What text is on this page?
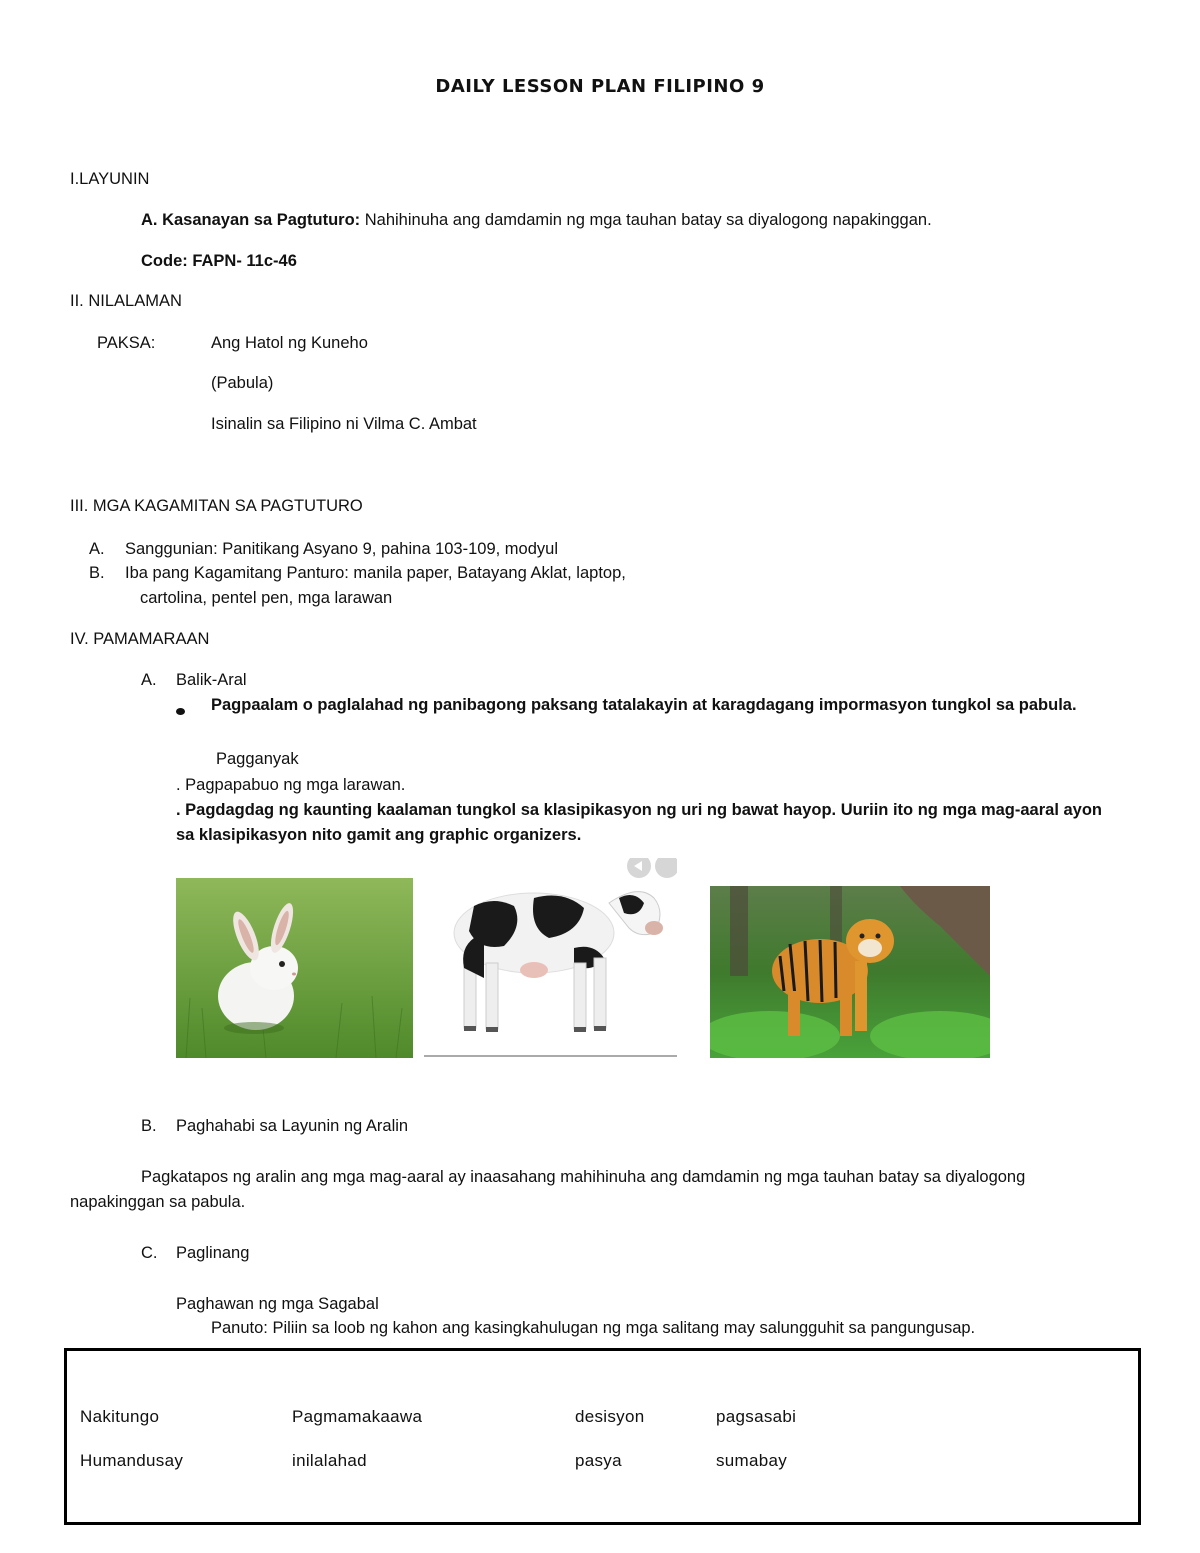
DAILY LESSON PLAN FILIPINO 9
I.LAYUNIN
A. Kasanayan sa Pagtuturo: Nahihinuha ang damdamin ng mga tauhan batay sa diyalogong napakinggan.
Code: FAPN- 11c-46
II. NILALAMAN
PAKSA:	Ang Hatol ng Kuneho
(Pabula)
Isinalin sa Filipino ni Vilma C. Ambat
III. MGA KAGAMITAN SA PAGTUTURO
A. Sanggunian: Panitikang Asyano 9, pahina 103-109, modyul
B. Iba pang Kagamitang Panturo: manila paper, Batayang Aklat, laptop,
cartolina, pentel pen, mga larawan
IV. PAMAMARAAN
A. Balik-Aral
Pagpaalam o paglalahad ng panibagong paksang tatalakayin at karagdagang impormasyon tungkol sa pabula.
Pagganyak
. Pagpapabuo ng mga larawan.
. Pagdagdag ng kaunting kaalaman tungkol sa klasipikasyon ng uri ng bawat hayop. Uuriin ito ng mga mag-aaral ayon
sa klasipikasyon nito gamit ang graphic organizers.
B. Paghahabi sa Layunin ng Aralin
Pagkatapos ng aralin ang mga mag-aaral ay inaasahang mahihinuha ang damdamin ng mga tauhan batay sa diyalogong
napakinggan sa pabula.
C. Paglinang
Paghawan ng mga Sagabal
Panuto: Piliin sa loob ng kahon ang kasingkahulugan ng mga salitang may salungguhit sa pangungusap.
Nakitungo	Pagmamakaawa	desisyon	pagsasabi
Humandusay	inilalahad	pasya	sumabay
